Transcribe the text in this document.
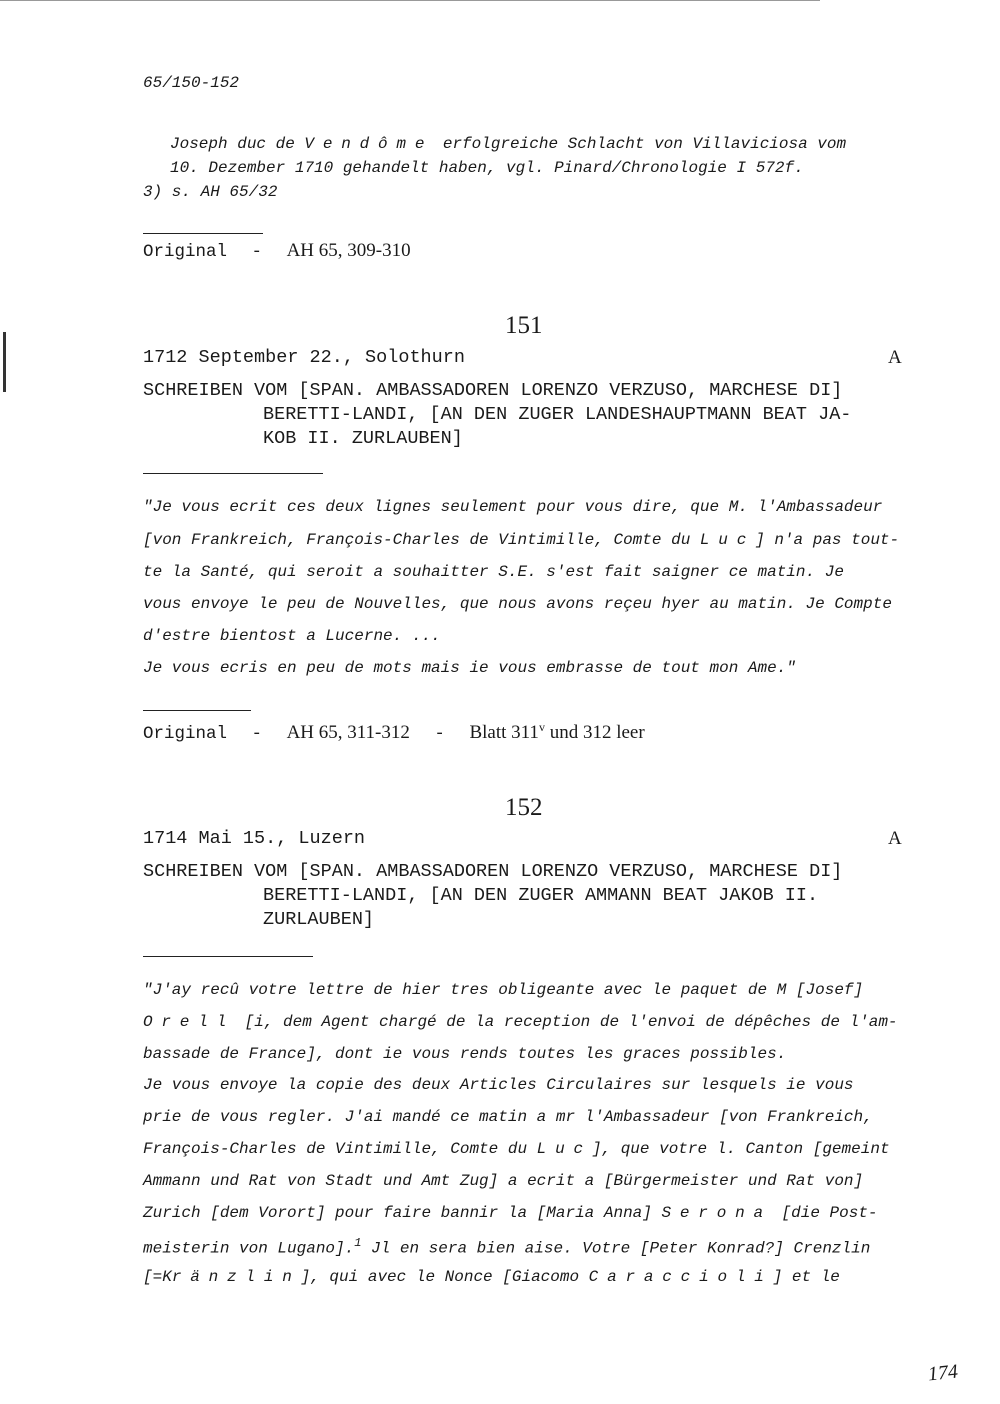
65/150-152
Joseph duc de Vendôme erfolgreiche Schlacht von Villaviciosa vom
10. Dezember 1710 gehandelt haben, vgl. Pinard/Chronologie I 572f.
3) s. AH 65/32
Original - AH 65, 309-310
151
1712 September 22., Solothurn	A
SCHREIBEN VOM [SPAN. AMBASSADOREN LORENZO VERZUSO, MARCHESE DI]
BERETTI-LANDI, [AN DEN ZUGER LANDESHAUPTMANN BEAT JA-
KOB II. ZURLAUBEN]
"Je vous ecrit ces deux lignes seulement pour vous dire, que M. l'Ambassadeur
[von Frankreich, François-Charles de Vintimille, Comte du Luc] n'a pas tout-
te la Santé, qui seroit a souhaitter S.E. s'est fait saigner ce matin. Je
vous envoye le peu de Nouvelles, que nous avons reçeu hyer au matin. Je Compte
d'estre bientost a Lucerne. ...
Je vous ecris en peu de mots mais ie vous embrasse de tout mon Ame."
Original - AH 65, 311-312 - Blatt 311$^v$ und 312 leer
152
1714 Mai 15., Luzern	A
SCHREIBEN VOM [SPAN. AMBASSADOREN LORENZO VERZUSO, MARCHESE DI]
BERETTI-LANDI, [AN DEN ZUGER AMMANN BEAT JAKOB II.
ZURLAUBEN]
"J'ay recû votre lettre de hier tres obligeante avec le paquet de M [Josef]
Orell [i, dem Agent chargé de la reception de l'envoi de dépêches de l'am-
bassade de France], dont ie vous rends toutes les graces possibles.
Je vous envoye la copie des deux Articles Circulaires sur lesquels ie vous
prie de vous regler. J'ai mandé ce matin a mr l'Ambassadeur [von Frankreich,
François-Charles de Vintimille, Comte du Luc], que votre l. Canton [gemeint
Ammann und Rat von Stadt und Amt Zug] a ecrit a [Bürgermeister und Rat von]
Zurich [dem Vorort] pour faire bannir la [Maria Anna] Serona [die Post-
meisterin von Lugano].$^1$ Jl en sera bien aise. Votre [Peter Konrad?] Crenzlin
[=Kränzlin], qui avec le Nonce [Giacomo Caraccioli] et le
174
